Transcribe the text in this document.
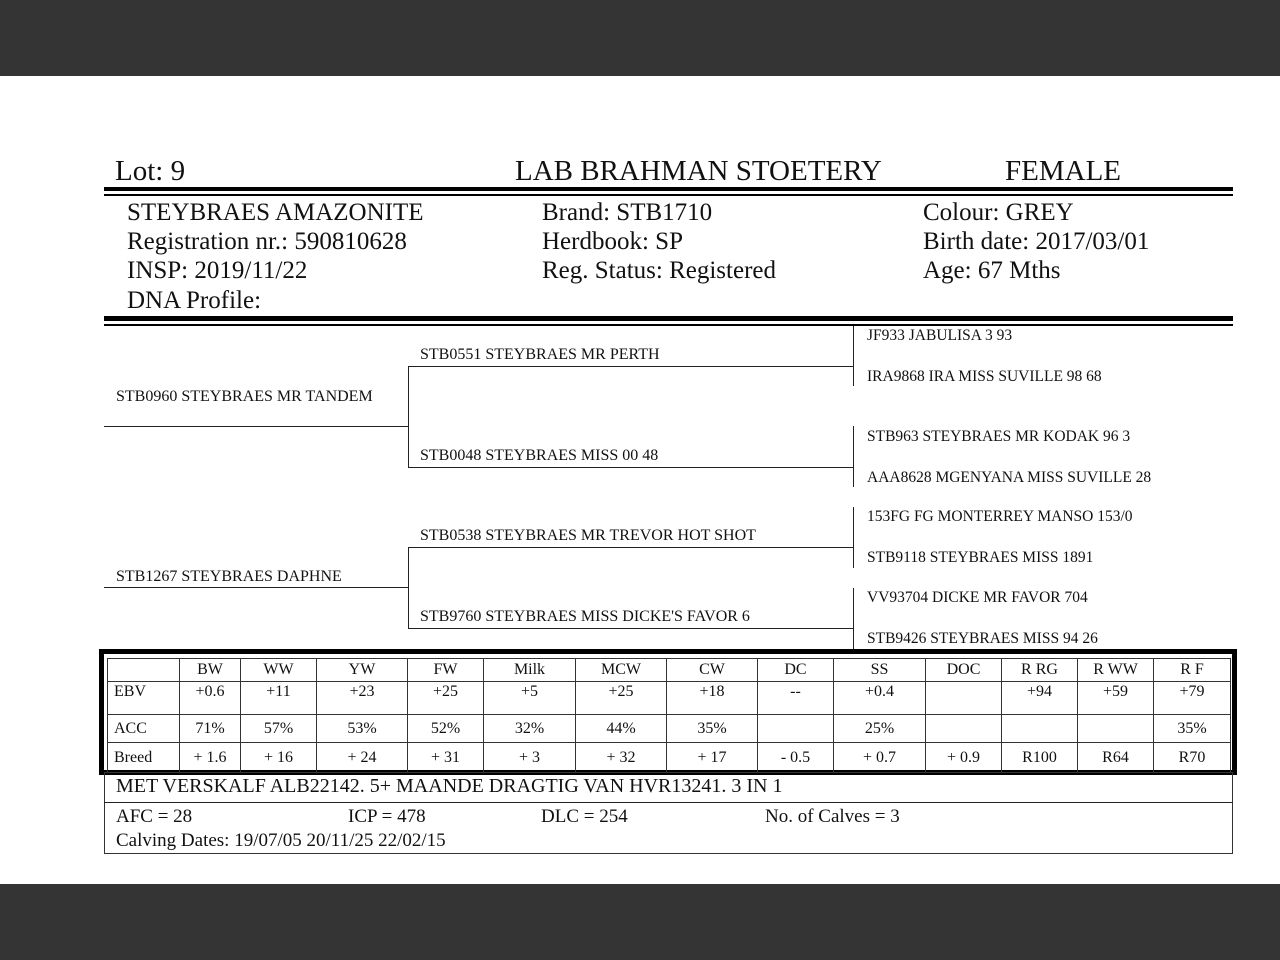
Lot: 9	LAB BRAHMAN STOETERY	FEMALE
STEYBRAES AMAZONITE
Registration nr.: 590810628
INSP: 2019/11/22
DNA Profile:
Brand: STB1710
Herdbook: SP
Reg. Status: Registered
Colour: GREY
Birth date: 2017/03/01
Age: 67 Mths
STB0960 STEYBRAES MR TANDEM
STB1267 STEYBRAES DAPHNE
STB0551 STEYBRAES MR PERTH
STB0048 STEYBRAES MISS 00 48
STB0538 STEYBRAES MR TREVOR HOT SHOT
STB9760 STEYBRAES MISS DICKE'S FAVOR 6
JF933 JABULISA 3 93
IRA9868 IRA MISS SUVILLE 98 68
STB963 STEYBRAES MR KODAK 96 3
AAA8628 MGENYANA MISS SUVILLE 28
153FG FG MONTERREY MANSO 153/0
STB9118 STEYBRAES MISS 1891
VV93704 DICKE MR FAVOR 704
STB9426 STEYBRAES MISS 94 26
	BW	WW	YW	FW	Milk	MCW	CW	DC	SS	DOC	R RG	R WW	R F
EBV	+0.6	+11	+23	+25	+5	+25	+18	--	+0.4		+94	+59	+79
ACC	71%	57%	53%	52%	32%	44%	35%		25%				35%
Breed	+ 1.6	+ 16	+ 24	+ 31	+ 3	+ 32	+ 17	- 0.5	+ 0.7	+ 0.9	R100	R64	R70
MET VERSKALF ALB22142. 5+ MAANDE DRAGTIG VAN HVR13241. 3 IN 1
AFC = 28	ICP = 478	DLC = 254	No. of Calves = 3
Calving Dates: 19/07/05 20/11/25 22/02/15
